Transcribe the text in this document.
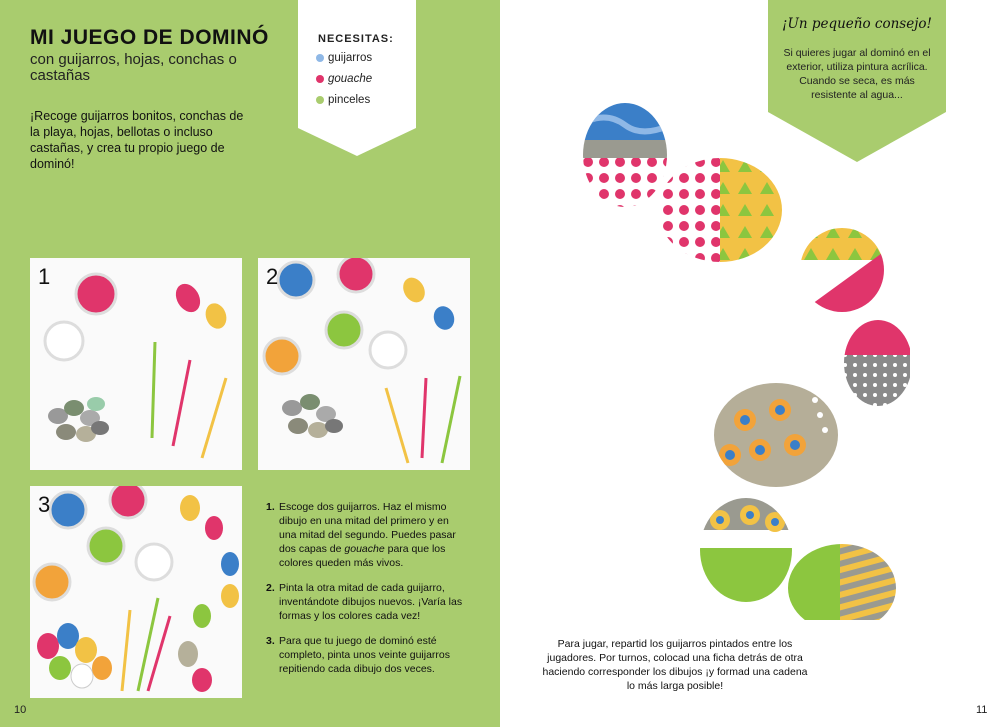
MI JUEGO DE DOMINÓ
con guijarros, hojas, conchas o castañas
¡Recoge guijarros bonitos, conchas de la playa, hojas, bellotas o incluso castañas, y crea tu propio juego de dominó!
NECESITAS:
guijarros
gouache
pinceles
1	2
3	1. Escoge dos guijarros. Haz el mismo dibujo en una mitad del primero y en una mitad del segundo. Puedes pasar dos capas de gouache para que los colores queden más vivos.
2. Pinta la otra mitad de cada guijarro, inventándote dibujos nuevos. ¡Varía las formas y los colores cada vez!
3. Para que tu juego de dominó esté completo, pinta unos veinte guijarros repitiendo cada dibujo dos veces.
10
¡Un pequeño consejo!
Si quieres jugar al dominó en el exterior, utiliza pintura acrílica. Cuando se seca, es más resistente al agua...
Para jugar, repartid los guijarros pintados entre los jugadores. Por turnos, colocad una ficha detrás de otra haciendo corresponder los dibujos ¡y formad una cadena lo más larga posible!
11
